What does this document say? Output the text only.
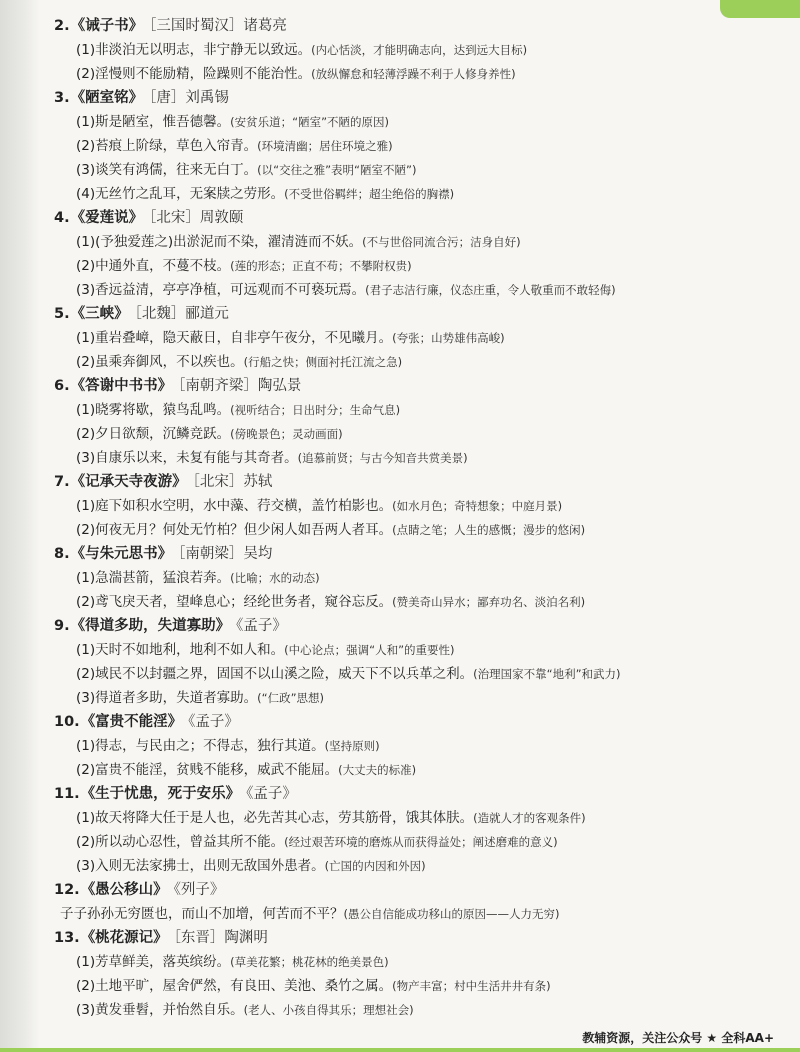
2.《诫子书》 ［三国时蜀汉］诸葛亮
(1)非淡泊无以明志，非宁静无以致远。(内心恬淡，才能明确志向，达到远大目标)
(2)淫慢则不能励精，险躁则不能治性。(放纵懈怠和轻薄浮躁不利于人修身养性)
3.《陋室铭》 ［唐］刘禹锡
(1)斯是陋室，惟吾德馨。(安贫乐道；“陋室”不陋的原因)
(2)苔痕上阶绿，草色入帘青。(环境清幽；居住环境之雅)
(3)谈笑有鸿儒，往来无白丁。(以“交往之雅”表明“陋室不陋”)
(4)无丝竹之乱耳，无案牍之劳形。(不受世俗羁绊；超尘绝俗的胸襟)
4.《爱莲说》 ［北宋］周敦颐
(1)(予独爱莲之)出淤泥而不染，濯清涟而不妖。(不与世俗同流合污；洁身自好)
(2)中通外直，不蔓不枝。(莲的形态；正直不苟；不攀附权贵)
(3)香远益清，亭亭净植，可远观而不可亵玩焉。(君子志洁行廉，仪态庄重，令人敬重而不敢轻侮)
5.《三峡》 ［北魏］郦道元
(1)重岩叠嶂，隐天蔽日，自非亭午夜分，不见曦月。(夸张；山势雄伟高峻)
(2)虽乘奔御风，不以疾也。(行船之快；侧面衬托江流之急)
6.《答谢中书书》 ［南朝齐梁］陶弘景
(1)晓雾将歇，猿鸟乱鸣。(视听结合；日出时分；生命气息)
(2)夕日欲颓，沉鳞竞跃。(傍晚景色；灵动画面)
(3)自康乐以来，未复有能与其奇者。(追慕前贤；与古今知音共赏美景)
7.《记承天寺夜游》 ［北宋］苏轼
(1)庭下如积水空明，水中藻、荇交横，盖竹柏影也。(如水月色；奇特想象；中庭月景)
(2)何夜无月？何处无竹柏？但少闲人如吾两人者耳。(点睛之笔；人生的感慨；漫步的悠闲)
8.《与朱元思书》 ［南朝梁］吴均
(1)急湍甚箭，猛浪若奔。(比喻；水的动态)
(2)鸢飞戾天者，望峰息心；经纶世务者，窥谷忘反。(赞美奇山异水；鄙弃功名、淡泊名利)
9.《得道多助，失道寡助》 《孟子》
(1)天时不如地利，地利不如人和。(中心论点；强调“人和”的重要性)
(2)域民不以封疆之界，固国不以山溪之险，威天下不以兵革之利。(治理国家不靠“地利”和武力)
(3)得道者多助，失道者寡助。(“仁政”思想)
10.《富贵不能淫》 《孟子》
(1)得志，与民由之；不得志，独行其道。(坚持原则)
(2)富贵不能淫，贫贱不能移，威武不能屈。(大丈夫的标准)
11.《生于忧患，死于安乐》 《孟子》
(1)故天将降大任于是人也，必先苦其心志，劳其筋骨，饿其体肤。(造就人才的客观条件)
(2)所以动心忍性，曾益其所不能。(经过艰苦环境的磨炼从而获得益处；阐述磨难的意义)
(3)入则无法家拂士，出则无敌国外患者。(亡国的内因和外因)
12.《愚公移山》 《列子》
子子孙孙无穷匮也，而山不加增，何苦而不平？(愚公自信能成功移山的原因——人力无穷)
13.《桃花源记》 ［东晋］陶渊明
(1)芳草鲜美，落英缤纷。(草美花繁；桃花林的绝美景色)
(2)土地平旷，屋舍俨然，有良田、美池、桑竹之属。(物产丰富；村中生活井井有条)
(3)黄发垂髫，并怡然自乐。(老人、小孩自得其乐；理想社会)
教辅资源，关注公众号 ★ 全科AA+
